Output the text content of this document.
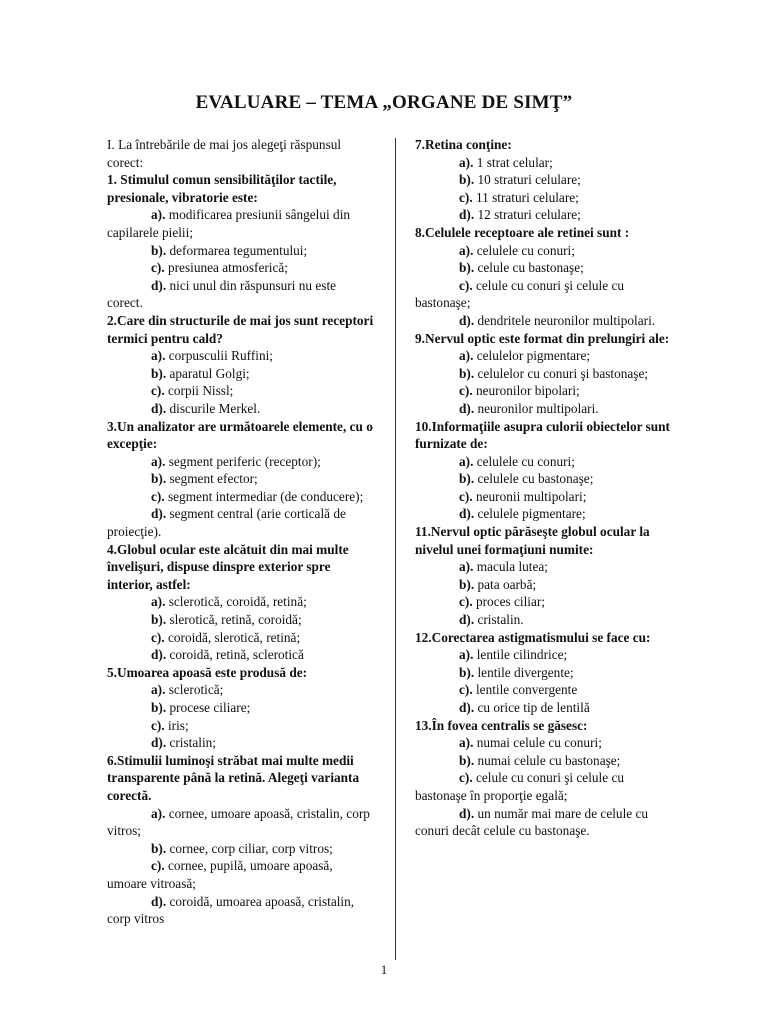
EVALUARE – TEMA „ORGANE DE SIMŢ”

I. La întrebările de mai jos alegeţi răspunsul corect:

1. Stimulul comun sensibilităţilor tactile, presionale, vibratorie este:

a). modificarea presiunii sângelui din capilarele pielii;

b). deformarea tegumentului;

c). presiunea atmosferică;

d). nici unul din răspunsuri nu este corect.

2.Care din structurile de mai jos sunt receptori termici pentru cald?

a). corpusculii Ruffini;

b). aparatul Golgi;

c). corpii Nissl;

d). discurile Merkel.

3.Un analizator are următoarele elemente, cu o excepţie:

a). segment periferic (receptor);

b). segment efector;

c). segment intermediar (de conducere);

d). segment central (arie corticală de proiecţie).

4.Globul ocular este alcătuit din mai multe învelişuri, dispuse dinspre exterior spre interior, astfel:

a). sclerotică, coroidă, retină;

b). slerotică, retină, coroidă;

c). coroidă, slerotică, retină;

d). coroidă, retină, sclerotică

5.Umoarea apoasă este produsă de:

a). sclerotică;

b). procese ciliare;

c). iris;

d). cristalin;

6.Stimulii luminoşi străbat mai multe medii transparente până la retină. Alegeţi varianta corectă.

a). cornee, umoare apoasă, cristalin, corp vitros;

b). cornee, corp ciliar, corp vitros;

c). cornee, pupilă, umoare apoasă, umoare vitroasă;

d). coroidă, umoarea apoasă, cristalin, corp vitros

7.Retina conţine:

a). 1 strat celular;

b). 10 straturi celulare;

c). 11 straturi celulare;

d). 12 straturi celulare;

8.Celulele receptoare ale retinei sunt :

a). celulele cu conuri;

b). celule cu bastonaşe;

c). celule cu conuri şi celule cu bastonaşe;

d). dendritele neuronilor multipolari.

9.Nervul optic este format din prelungiri ale:

a). celulelor pigmentare;

b). celulelor cu conuri şi bastonaşe;

c). neuronilor bipolari;

d). neuronilor multipolari.

10.Informaţiile asupra culorii obiectelor sunt furnizate de:

a). celulele cu conuri;

b). celulele cu bastonaşe;

c). neuronii multipolari;

d). celulele pigmentare;

11.Nervul optic părăseşte globul ocular la nivelul unei formaţiuni numite:

a). macula lutea;

b). pata oarbă;

c). proces ciliar;

d). cristalin.

12.Corectarea astigmatismului se face cu:

a). lentile cilindrice;

b). lentile divergente;

c). lentile convergente

d). cu orice tip de lentilă

13.În fovea centralis se găsesc:

a). numai celule cu conuri;

b). numai celule cu bastonaşe;

c). celule cu conuri şi celule cu bastonaşe în proporţie egală;

d). un număr mai mare de celule cu conuri decât celule cu bastonaşe.

1
